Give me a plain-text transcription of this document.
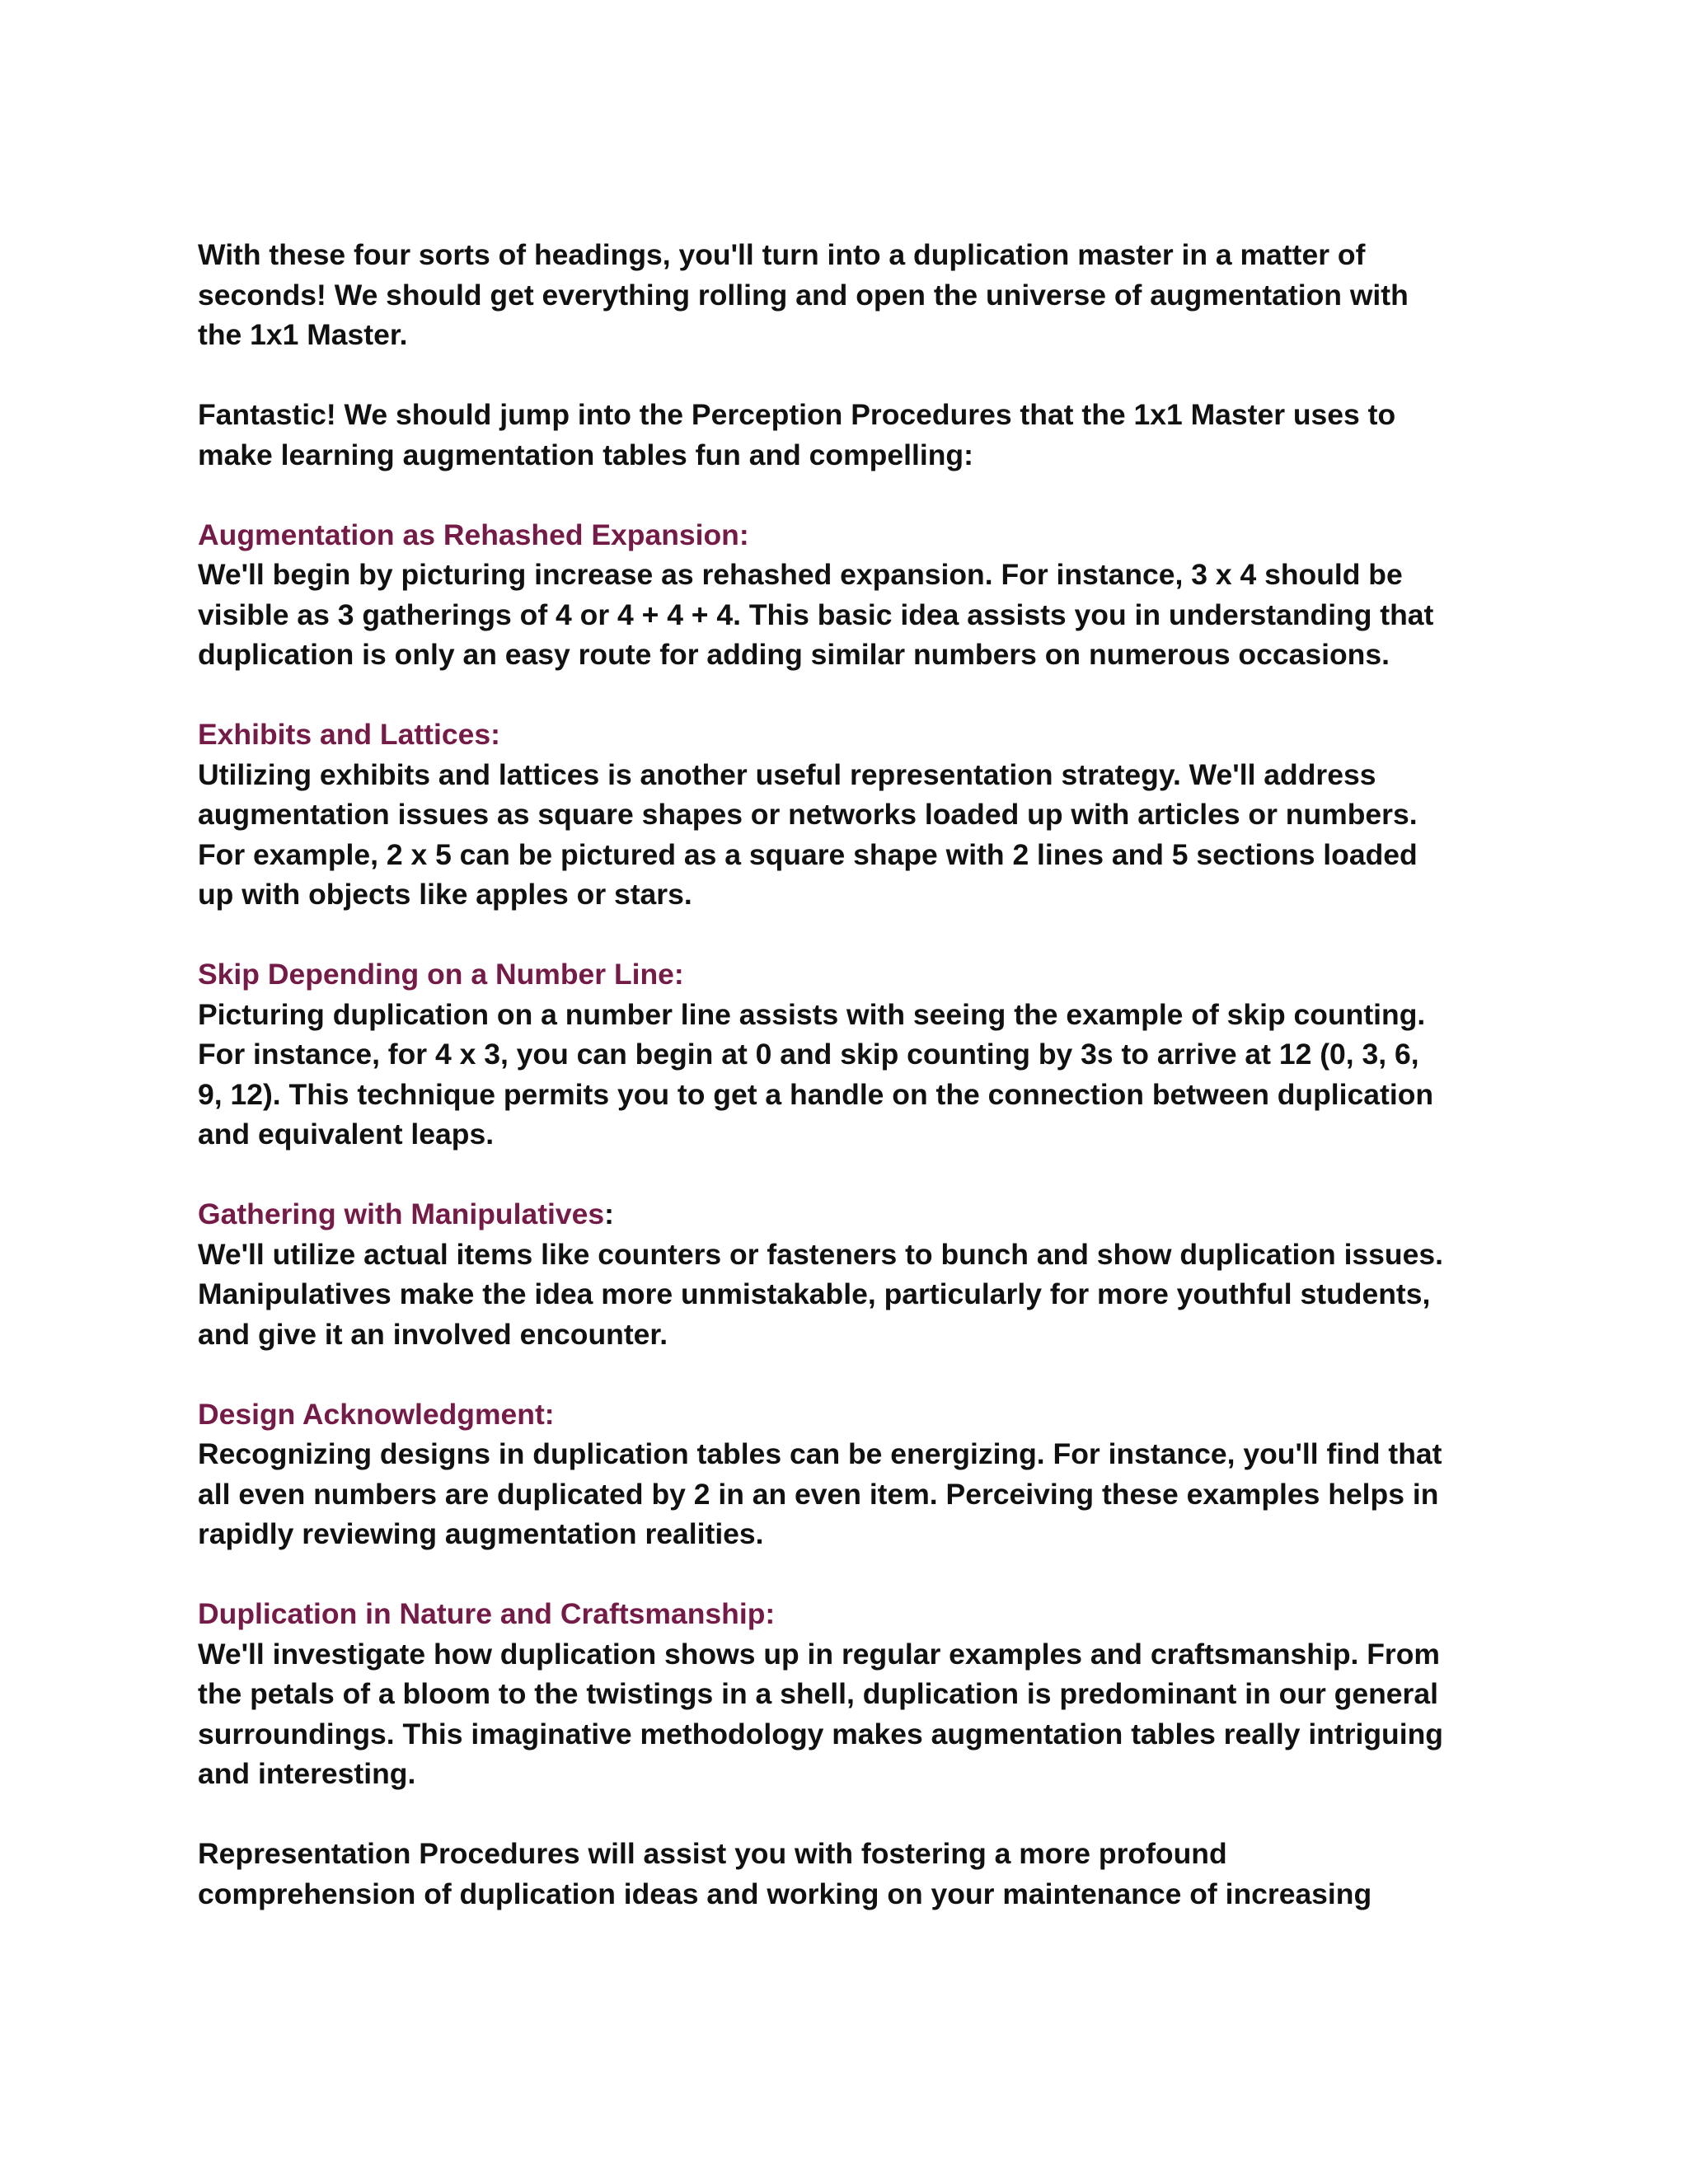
With these four sorts of headings, you'll turn into a duplication master in a matter of

seconds! We should get everything rolling and open the universe of augmentation with

the 1x1 Master.

Fantastic! We should jump into the Perception Procedures that the 1x1 Master uses to

make learning augmentation tables fun and compelling:

Augmentation as Rehashed Expansion:

We'll begin by picturing increase as rehashed expansion. For instance, 3 x 4 should be

visible as 3 gatherings of 4 or 4 + 4 + 4. This basic idea assists you in understanding that

duplication is only an easy route for adding similar numbers on numerous occasions.

Exhibits and Lattices:

Utilizing exhibits and lattices is another useful representation strategy. We'll address

augmentation issues as square shapes or networks loaded up with articles or numbers.

For example, 2 x 5 can be pictured as a square shape with 2 lines and 5 sections loaded

up with objects like apples or stars.

Skip Depending on a Number Line:

Picturing duplication on a number line assists with seeing the example of skip counting.

For instance, for 4 x 3, you can begin at 0 and skip counting by 3s to arrive at 12 (0, 3, 6,

9, 12). This technique permits you to get a handle on the connection between duplication

and equivalent leaps.

Gathering with Manipulatives:

We'll utilize actual items like counters or fasteners to bunch and show duplication issues.

Manipulatives make the idea more unmistakable, particularly for more youthful students,

and give it an involved encounter.

Design Acknowledgment:

Recognizing designs in duplication tables can be energizing. For instance, you'll find that

all even numbers are duplicated by 2 in an even item. Perceiving these examples helps in

rapidly reviewing augmentation realities.

Duplication in Nature and Craftsmanship:

We'll investigate how duplication shows up in regular examples and craftsmanship. From

the petals of a bloom to the twistings in a shell, duplication is predominant in our general

surroundings. This imaginative methodology makes augmentation tables really intriguing

and interesting.

Representation Procedures will assist you with fostering a more profound

comprehension of duplication ideas and working on your maintenance of increasing
